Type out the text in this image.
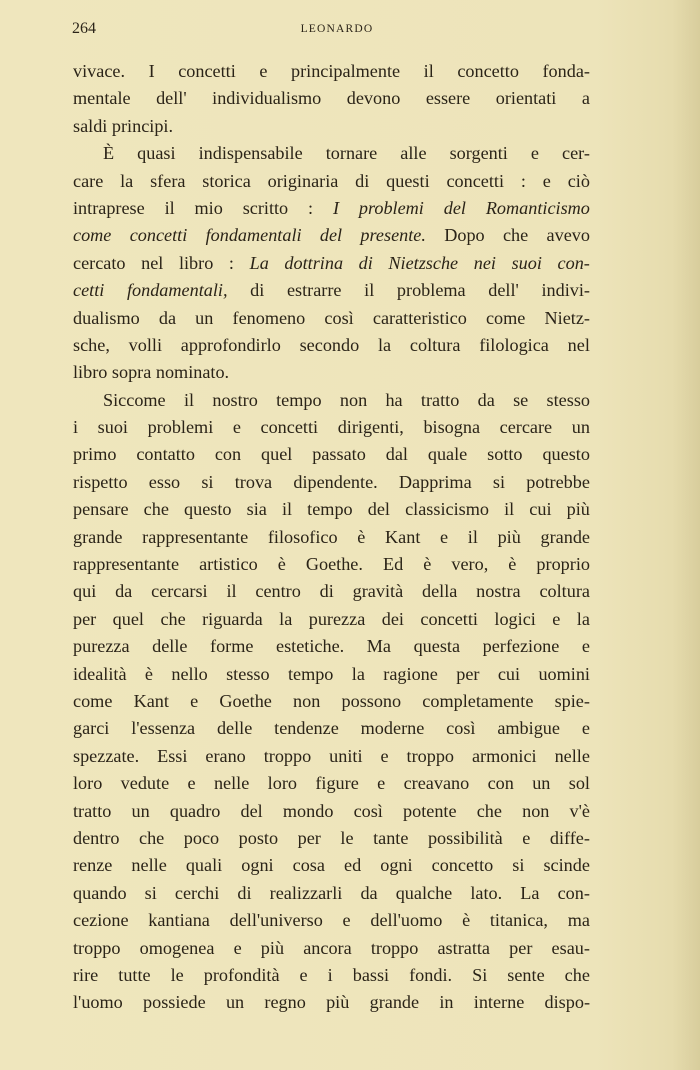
264	LEONARDO
vivace. I concetti e principalmente il concetto fonda-
mentale dell' individualismo devono essere orientati a
saldi
principi.

È quasi indispensabile tornare alle sorgenti e cer-
care la sfera storica originaria di questi concetti : e ciò
intraprese il mio scritto : I problemi del Romanticismo
come concetti fondamentali del presente. Dopo che avevo
cercato nel libro : La dottrina di Nietzsche nei suoi con-
cetti fondamentali, di estrarre il problema dell' indivi-
dualismo da un fenomeno così caratteristico come Nietz-
sche, volli approfondirlo secondo la coltura filologica nel
libro
sopra
nominato.

Siccome il nostro tempo non ha tratto da se stesso
i suoi problemi e concetti dirigenti, bisogna cercare un
primo contatto con quel passato dal quale sotto questo
rispetto esso si trova dipendente. Dapprima si potrebbe
pensare che questo sia il tempo del classicismo il cui più
grande rappresentante filosofico è Kant e il più grande
rappresentante artistico è Goethe. Ed è vero, è proprio
qui da cercarsi il centro di gravità della nostra coltura
per quel che riguarda la purezza dei concetti logici e la
purezza delle forme estetiche. Ma questa perfezione e
idealità è nello stesso tempo la ragione per cui uomini
come Kant e Goethe non possono completamente spie-
garci l'essenza delle tendenze moderne così ambigue e
spezzate. Essi erano troppo uniti e troppo armonici nelle
loro vedute e nelle loro figure e creavano con un sol
tratto un quadro del mondo così potente che non v'è
dentro che poco posto per le tante possibilità e diffe-
renze nelle quali ogni cosa ed ogni concetto si scinde
quando si cerchi di realizzarli da qualche lato. La con-
cezione kantiana dell'universo e dell'uomo è titanica, ma
troppo omogenea e più ancora troppo astratta per esau-
rire tutte le profondità e i bassi fondi. Si sente che
l'uomo possiede un regno più grande in interne dispo-
